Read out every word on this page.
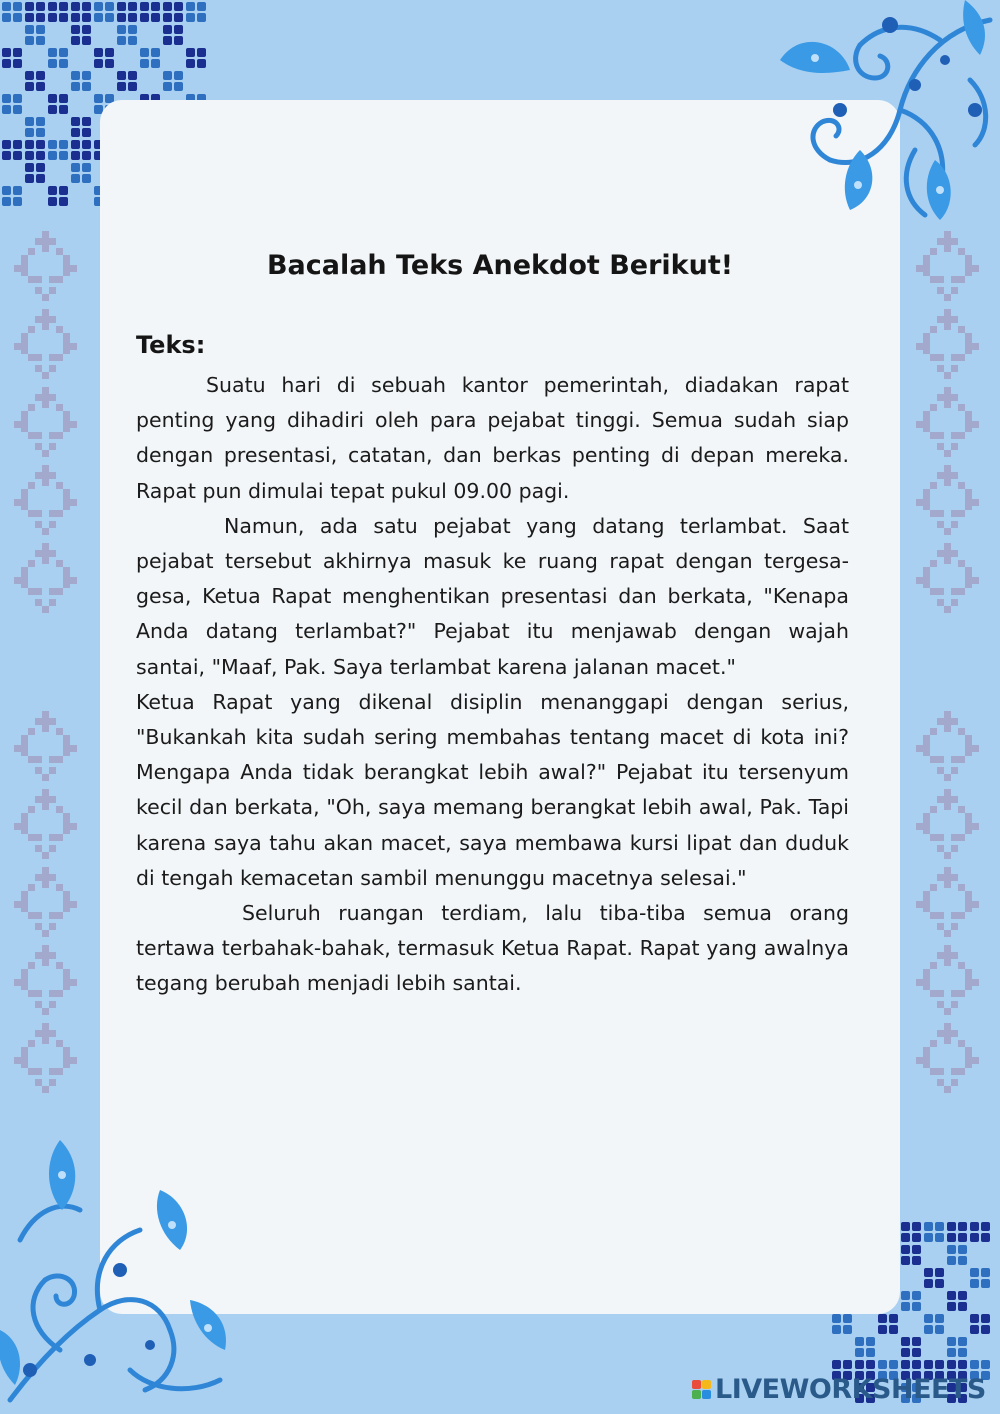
Bacalah Teks Anekdot Berikut!
Teks:

Suatu hari di sebuah kantor pemerintah, diadakan rapat penting yang dihadiri oleh para pejabat tinggi. Semua sudah siap dengan presentasi, catatan, dan berkas penting di depan mereka. Rapat pun dimulai tepat pukul 09.00 pagi.

Namun, ada satu pejabat yang datang terlambat. Saat pejabat tersebut akhirnya masuk ke ruang rapat dengan tergesa-gesa, Ketua Rapat menghentikan presentasi dan berkata, "Kenapa Anda datang terlambat?" Pejabat itu menjawab dengan wajah santai, "Maaf, Pak. Saya terlambat karena jalanan macet."

Ketua Rapat yang dikenal disiplin menanggapi dengan serius, "Bukankah kita sudah sering membahas tentang macet di kota ini? Mengapa Anda tidak berangkat lebih awal?" Pejabat itu tersenyum kecil dan berkata, "Oh, saya memang berangkat lebih awal, Pak. Tapi karena saya tahu akan macet, saya membawa kursi lipat dan duduk di tengah kemacetan sambil menunggu macetnya selesai."

Seluruh ruangan terdiam, lalu tiba-tiba semua orang tertawa terbahak-bahak, termasuk Ketua Rapat. Rapat yang awalnya tegang berubah menjadi lebih santai.

LIVEWORKSHEETS
